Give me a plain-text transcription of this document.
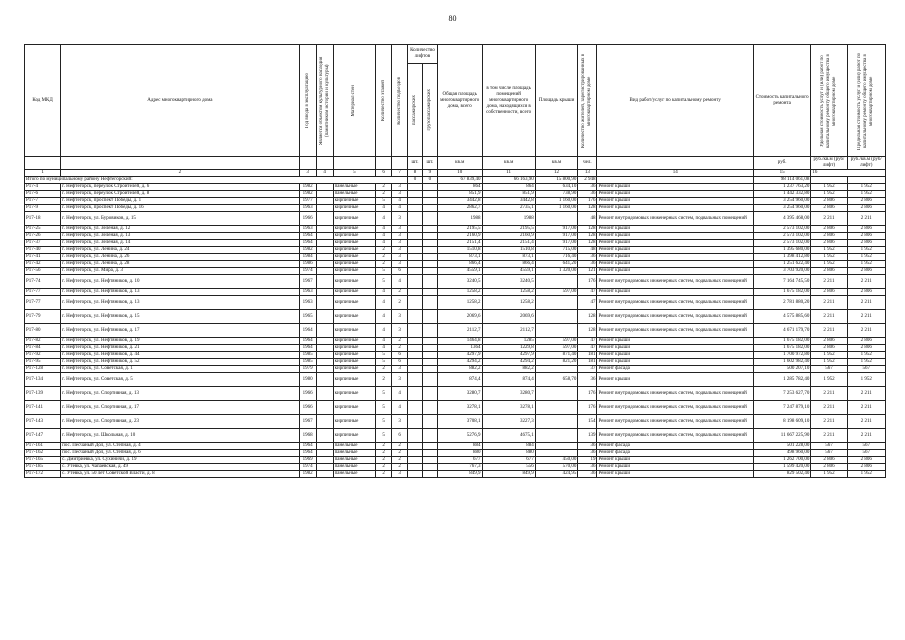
80
Код МКД	Адрес многоквартирного дома	Год ввода в эксплуатацию	Является объектом культурного наследия (памятником истории и культуры)	Материал стен	Количество этажей	Количество подъездов	Количество лифтов		Общая площадь многоквартирного дома, всего	в том числе площадь помещений многоквартирного дома, находящихся в собственности, всего	Площадь крыши	Количество жителей, зарегистрированных в многоквартирном доме	Вид работ/услуг по капитальному ремонту	Стоимость капитального ремонта	Удельная стоимость услуг и (или) работ по капитальному ремонту общего имущества в многоквартирном доме	Предельная стоимость услуг и (или) работ по капитальному ремонту общего имущества в многоквартирном доме

							пассажирских	грузопассажирских								

							шт.	шт.	кв.м	кв.м	кв.м	чел.		руб.	руб./кв.м (руб/лифт)	руб./кв.м (руб/лифт)
1	2	3	4	5	6	7	8	9	10	11	12	13	14	15	16	
Итого по муниципальному району Нефтегорский:							0	0	67 839,40	66 163,90	15 800,90	2 948		98 114 061,08		
Р17-4	г. Нефтегорск, переулок Строителей, д. 6	1982		панельные	2	3			864	864	634,10	36	Ремонт крыши	1 237 763,20	1 952	1 952
Р17-6	г. Нефтегорск, переулок Строителей, д. 8	1982		панельные	2	3			851,9	851,9	738,90	36	Ремонт крыши	1 442 332,80	1 952	1 952
Р17-7	г. Нефтегорск, проспект Победы, д. 1	1977		кирпичные	5	4			3442,8	3442,8	1 160,00	176	Ремонт крыши	3 254 960,00	2 806	2 806
Р17-9	г. Нефтегорск, проспект Победы, д. 16	1963		кирпичные	4	4			2862,7	2735,1	1 160,00	128	Ремонт крыши	3 254 960,00	2 806	2 806
Р17-18	г. Нефтегорск, ул. Буровиков, д. 15	1966		кирпичные	4	3			1988	1988		48	Ремонт внутридомовых инженерных систем, подвальных помещений	4 395 468,00	2 211	2 211
Р17-25	г. Нефтегорск, ул. Зеленая, д. 12	1963		кирпичные	4	3			2195,5	2195,5	917,00	128	Ремонт крыши	2 573 102,00	2 806	2 806
Р17-26	г. Нефтегорск, ул. Зеленая, д. 13	1964		кирпичные	4	3			2160,9	2160,9	917,00	128	Ремонт крыши	2 573 102,00	2 806	2 806
Р17-37	г. Нефтегорск, ул. Зеленая, д. 14	1964		кирпичные	4	3			2151,4	2151,4	917,00	128	Ремонт крыши	2 573 102,00	2 806	2 806
Р17-40	г. Нефтегорск, ул. Ленина, д. 24	1982		кирпичные	2	3			1510,8	1510,8	715,00	48	Ремонт крыши	1 395 680,00	1 952	1 952
Р17-41	г. Нефтегорск, ул. Ленина, д. 26	1984		кирпичные	2	3			873,1	873,1	716,40	36	Ремонт крыши	1 398 412,80	1 952	1 952
Р17-42	г. Нефтегорск, ул. Ленина, д. 28	1986		кирпичные	2	3			866,4	866,4	641,20	36	Ремонт крыши	1 251 622,40	1 952	1 952
Р17-56	г. Нефтегорск, ул. Мира, д. 3	1974		кирпичные	5	6			4559,1	4559,1	1 320,00	121	Ремонт крыши	3 703 920,00	2 806	2 806
Р17-74	г. Нефтегорск, ул. Нефтяников, д. 10	1967		кирпичные	5	4			3240,5	3240,5		176	Ремонт внутридомовых инженерных систем, подвальных помещений	7 164 745,50	2 211	2 211
Р17-77	г. Нефтегорск, ул. Нефтяников, д. 13	1963		кирпичные	4	2			1258,2	1258,2	597,00	47	Ремонт крыши	1 675 182,00	2 806	2 806
Р17-77	г. Нефтегорск, ул. Нефтяников, д. 13	1963		кирпичные	4	2			1258,2	1258,2		47	Ремонт внутридомовых инженерных систем, подвальных помещений	2 781 880,20	2 211	2 211
Р17-79	г. Нефтегорск, ул. Нефтяников, д. 15	1965		кирпичные	4	3			2069,6	2069,6		128	Ремонт внутридомовых инженерных систем, подвальных помещений	4 575 885,60	2 211	2 211
Р17-80	г. Нефтегорск, ул. Нефтяников, д. 17	1964		кирпичные	4	3			2112,7	2112,7		128	Ремонт внутридомовых инженерных систем, подвальных помещений	4 671 179,70	2 211	2 211
Р17-82	г. Нефтегорск, ул. Нефтяников, д. 19	1964		кирпичные	4	2			1464,8	1285	597,00	47	Ремонт крыши	1 675 182,00	2 806	2 806
Р17-84	г. Нефтегорск, ул. Нефтяников, д. 21	1964		кирпичные	4	2			1364	1229,8	597,00	47	Ремонт крыши	1 675 182,00	2 806	2 806
Р17-92	г. Нефтегорск, ул. Нефтяников, д. 44	1985		кирпичные	5	6			4297,9	4297,9	871,40	181	Ремонт крыши	1 700 972,80	1 952	1 952
Р17-95	г. Нефтегорск, ул. Нефтяников, д. 52	1985		кирпичные	5	6			4294,2	4294,2	821,20	181	Ремонт крыши	1 602 982,40	1 952	1 952
Р17-128	г. Нефтегорск, ул. Советская, д. 1	1979		кирпичные	2	3			882,2	882,2		37	Ремонт фасада	500 207,10	567	567
Р17-134	г. Нефтегорск, ул. Советская, д. 5	1980		кирпичные	2	3			874,4	874,4	658,70	36	Ремонт крыши	1 285 782,40	1 952	1 952
Р17-139	г. Нефтегорск, ул. Спортивная, д. 13	1966		кирпичные	5	4			3280,7	3280,7		176	Ремонт внутридомовых инженерных систем, подвальных помещений	7 253 627,70	2 211	2 211
Р17-141	г. Нефтегорск, ул. Спортивная, д. 17	1966		кирпичные	5	4			3278,1	3278,1		176	Ремонт внутридомовых инженерных систем, подвальных помещений	7 247 879,10	2 211	2 211
Р17-143	г. Нефтегорск, ул. Спортивная, д. 23	1967		кирпичные	5	3			3708,1	3227,3		154	Ремонт внутридомовых инженерных систем, подвальных помещений	8 198 609,10	2 211	2 211
Р17-147	г. Нефтегорск, ул. Школьная, д. 10	1968		кирпичные	5	6			5276,9	4675,1		139	Ремонт внутридомовых инженерных систем, подвальных помещений	11 667 225,90	2 211	2 211
Р17-161	пос. Песчаный Дол, ул. Степная, д. 4	1964		панельные	2	2			884	884		36	Ремонт фасада	501 228,00	567	567
Р17-162	пос. Песчаный Дол, ул. Степная, д. 6	1964		панельные	2	2			880	880		36	Ремонт фасада	498 960,00	567	567
Р17-165	с. Дмитриевка, ул. Сухиничи, д. 19	1969		панельные	2	2			677	677	450,00	19	Ремонт крыши	1 262 700,00	2 806	2 806
Р17-185	с. Утевка, ул. Чапаевская, д. 49	1974		панельные	2	2			767,3	556	570,00	36	Ремонт крыши	1 599 420,00	2 806	2 806
Р17-172	с. Утевка, ул. 50 лет Советской Власти, д. 8	1982		панельные	2	3			849,9	849,9	424,95	36	Ремонт крыши	829 502,40	1 952	1 952
